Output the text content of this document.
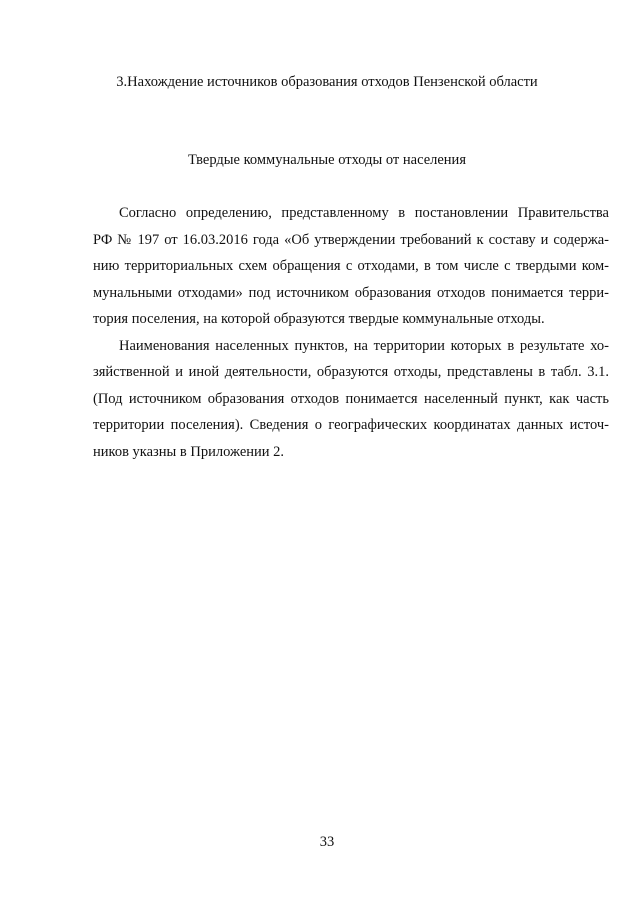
3.Нахождение источников образования отходов Пензенской области
Твердые коммунальные отходы от населения
Согласно определению, представленному в постановлении Правительства
РФ № 197 от 16.03.2016 года «Об утверждении требований к составу и содержа-
нию территориальных схем обращения с отходами, в том числе с твердыми ком-
мунальными отходами» под источником образования отходов понимается терри-
тория поселения, на которой образуются твердые коммунальные отходы.
Наименования населенных пунктов, на территории которых в результате хо-
зяйственной и иной деятельности, образуются отходы, представлены в табл. 3.1.
(Под источником образования отходов понимается населенный пункт, как часть
территории поселения). Сведения о географических координатах данных источ-
ников указны в Приложении 2.
33
